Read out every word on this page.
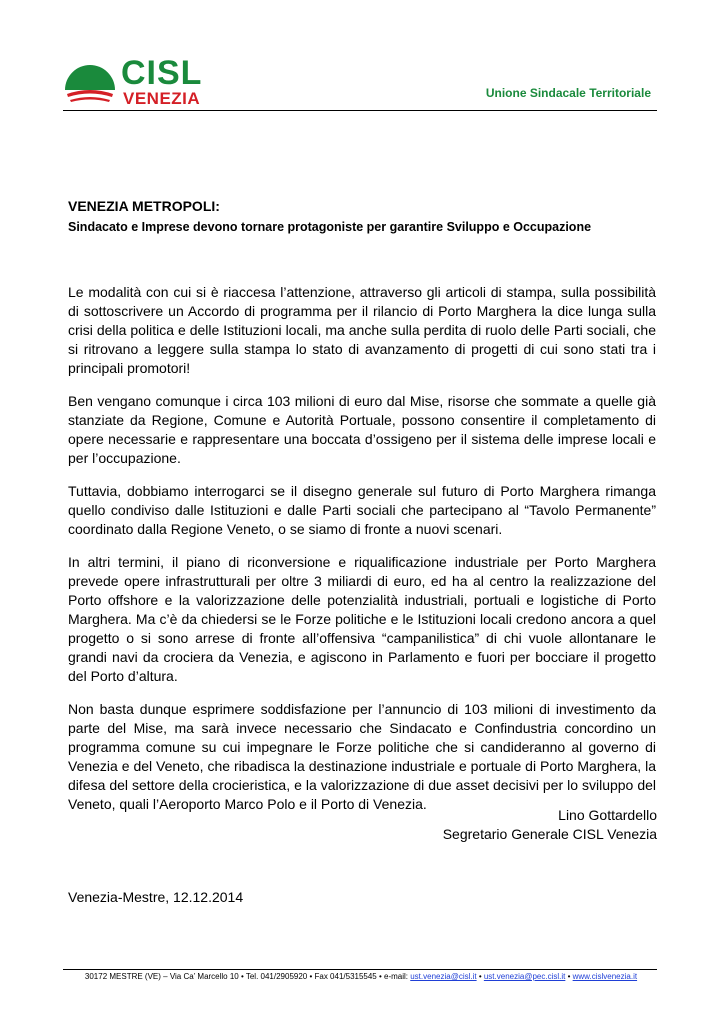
CISL
VENEZIA	Unione Sindacale Territoriale
VENEZIA METROPOLI:
Sindacato e Imprese devono tornare protagoniste per garantire Sviluppo e Occupazione

Le modalità con cui si è riaccesa l’attenzione, attraverso gli articoli di stampa, sulla possibilità di sottoscrivere un Accordo di programma per il rilancio di Porto Marghera la dice lunga sulla crisi della politica e delle Istituzioni locali, ma anche sulla perdita di ruolo delle Parti sociali, che si ritrovano a leggere sulla stampa lo stato di avanzamento di progetti di cui sono stati tra i principali promotori!

Ben vengano comunque i circa 103 milioni di euro dal Mise, risorse che sommate a quelle già stanziate da Regione, Comune e Autorità Portuale, possono consentire il completamento di opere necessarie e rappresentare una boccata d’ossigeno per il sistema delle imprese locali e per l’occupazione.

Tuttavia, dobbiamo interrogarci se il disegno generale sul futuro di Porto Marghera rimanga quello condiviso dalle Istituzioni e dalle Parti sociali che partecipano al “Tavolo Permanente” coordinato dalla Regione Veneto, o se siamo di fronte a nuovi scenari.

In altri termini, il piano di riconversione e riqualificazione industriale per Porto Marghera prevede opere infrastrutturali per oltre 3 miliardi di euro, ed ha al centro la realizzazione del Porto offshore e la valorizzazione delle potenzialità industriali, portuali e logistiche di Porto Marghera. Ma c’è da chiedersi se le Forze politiche e le Istituzioni locali credono ancora a quel progetto o si sono arrese di fronte all’offensiva “campanilistica” di chi vuole allontanare le grandi navi da crociera da Venezia, e agiscono in Parlamento e fuori per bocciare il progetto del Porto d’altura.

Non basta dunque esprimere soddisfazione per l’annuncio di 103 milioni di investimento da parte del Mise, ma sarà invece necessario che Sindacato e Confindustria concordino un programma comune su cui impegnare le Forze politiche che si candideranno al governo di Venezia e del Veneto, che ribadisca la destinazione industriale e portuale di Porto Marghera, la difesa del settore della crocieristica, e la valorizzazione di due asset decisivi per lo sviluppo del Veneto, quali l’Aeroporto Marco Polo e il Porto di Venezia.

Lino Gottardello
Segretario Generale CISL Venezia
Venezia-Mestre, 12.12.2014
30172 MESTRE (VE) – Via Ca’ Marcello 10 • Tel. 041/2905920 • Fax 041/5315545 • e-mail: ust.venezia@cisl.it • ust.venezia@pec.cisl.it • www.cislvenezia.it
